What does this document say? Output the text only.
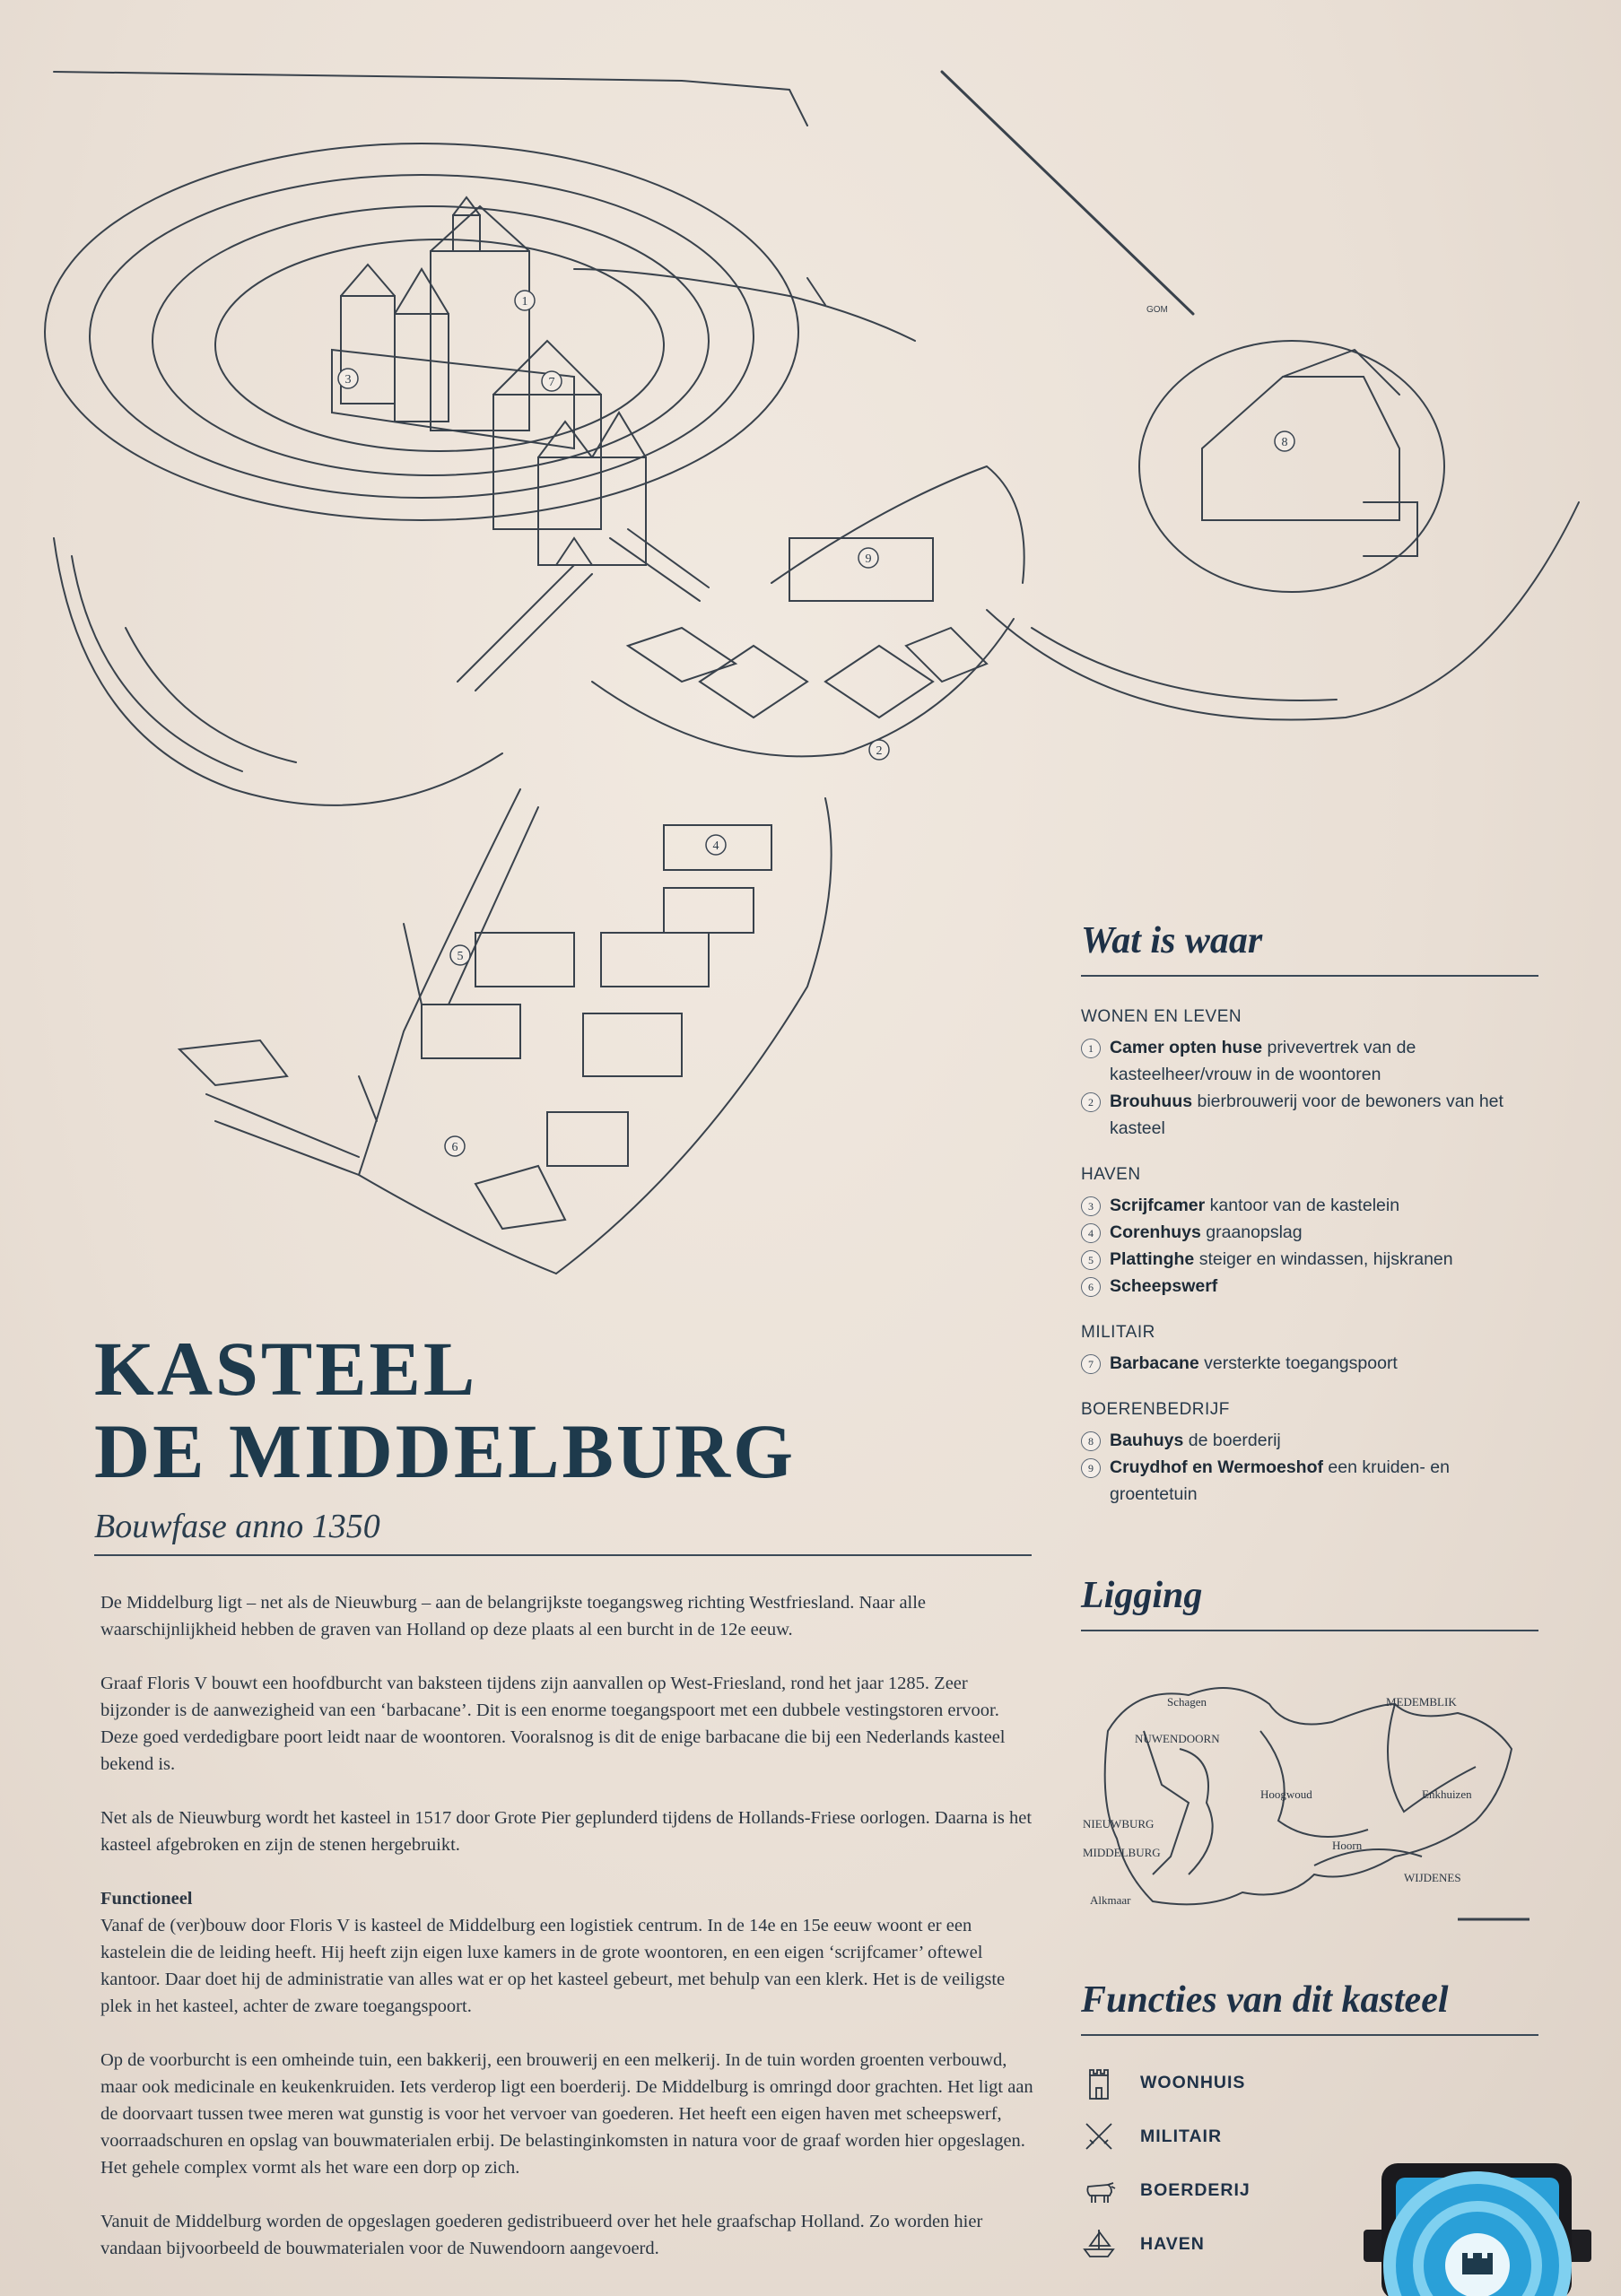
1
2
3
4
5
6
7
8
9
GOM
KASTEEL
DE MIDDELBURG
Bouwfase anno 1350

De Middelburg ligt – net als de Nieuwburg – aan de belangrijkste toegangsweg richting Westfriesland. Naar alle waarschijnlijkheid hebben de graven van Holland op deze plaats al een burcht in de 12e eeuw.

Graaf Floris V bouwt een hoofdburcht van baksteen tijdens zijn aanvallen op West-Friesland, rond het jaar 1285. Zeer bijzonder is de aanwezigheid van een ‘barbacane’. Dit is een enorme toegangspoort met een dubbele vestingstoren ervoor. Deze goed verdedigbare poort leidt naar de woontoren. Vooralsnog is dit de enige barbacane die bij een Nederlands kasteel bekend is.

Net als de Nieuwburg wordt het kasteel in 1517 door Grote Pier geplunderd tijdens de Hollands-Friese oorlogen. Daarna is het kasteel afgebroken en zijn de stenen hergebruikt.

Functioneel

Vanaf de (ver)bouw door Floris V is kasteel de Middelburg een logistiek centrum. In de 14e en 15e eeuw woont er een kastelein die de leiding heeft. Hij heeft zijn eigen luxe kamers in de grote woontoren, en een eigen ‘scrijfcamer’ oftewel kantoor. Daar doet hij de administratie van alles wat er op het kasteel gebeurt, met behulp van een klerk. Het is de veiligste plek in het kasteel, achter de zware toegangspoort.

Op de voorburcht is een omheinde tuin, een bakkerij, een brouwerij en een melkerij. In de tuin worden groenten verbouwd, maar ook medicinale en keukenkruiden. Iets verderop ligt een boerderij. De Middelburg is omringd door grachten. Het ligt aan de doorvaart tussen twee meren wat gunstig is voor het vervoer van goederen. Het heeft een eigen haven met scheepswerf, voorraadschuren en opslag van bouwmaterialen erbij. De belastinginkomsten in natura voor de graaf worden hier opgeslagen. Het gehele complex vormt als het ware een dorp op zich.

Vanuit de Middelburg worden de opgeslagen goederen gedistribueerd over het hele graafschap Holland. Zo worden hier vandaan bijvoorbeeld de bouwmaterialen voor de Nuwendoorn aangevoerd.

Wat is waar
WONEN EN LEVEN
1 Camer opten huse privevertrek van de kasteelheer/vrouw in de woontoren
2 Brouhuus bierbrouwerij voor de bewoners van het kasteel
HAVEN
3 Scrijfcamer kantoor van de kastelein
4 Corenhuys graanopslag
5 Plattinghe steiger en windassen, hijskranen
6 Scheepswerf
MILITAIR
7 Barbacane versterkte toegangspoort
BOERENBEDRIJF
8 Bauhuys de boerderij
9 Cruydhof en Wermoeshof een kruiden- en groentetuin
Ligging
Schagen	MEDEMBLIK
NUWENDOORN
Hoogwoud	Enkhuizen
NIEUWBURG
MIDDELBURG
Hoorn
WIJDENES
Alkmaar
Functies van dit kasteel
WOONHUIS
MILITAIR
BOERDERIJ
HAVEN
